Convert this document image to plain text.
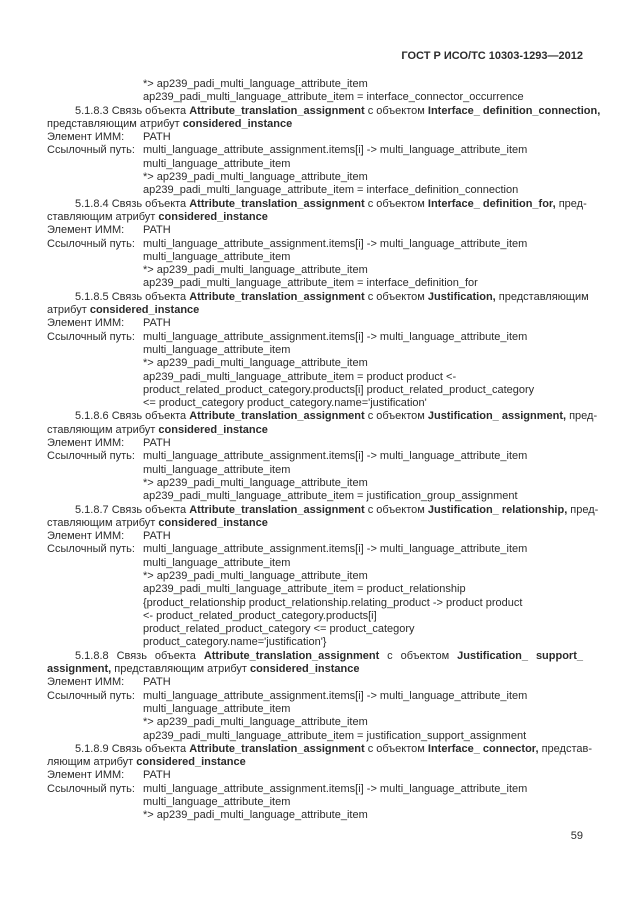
ГОСТ Р ИСО/ТС 10303-1293—2012
*> ap239_padi_multi_language_attribute_item
ap239_padi_multi_language_attribute_item = interface_connector_occurrence
5.1.8.3 Связь объекта Attribute_translation_assignment с объектом Interface_ definition_connection,
представляющим атрибут considered_instance
Элемент ИММ: PATH
Ссылочный путь: multi_language_attribute_assignment.items[i] -> multi_language_attribute_item
multi_language_attribute_item
*> ap239_padi_multi_language_attribute_item
ap239_padi_multi_language_attribute_item = interface_definition_connection
5.1.8.4 Связь объекта Attribute_translation_assignment с объектом Interface_ definition_for, пред-
ставляющим атрибут considered_instance
Элемент ИММ: PATH
Ссылочный путь: multi_language_attribute_assignment.items[i] -> multi_language_attribute_item
multi_language_attribute_item
*> ap239_padi_multi_language_attribute_item
ap239_padi_multi_language_attribute_item = interface_definition_for
5.1.8.5 Связь объекта Attribute_translation_assignment с объектом Justification, представляющим
атрибут considered_instance
Элемент ИММ: PATH
Ссылочный путь: multi_language_attribute_assignment.items[i] -> multi_language_attribute_item
multi_language_attribute_item
*> ap239_padi_multi_language_attribute_item
ap239_padi_multi_language_attribute_item = product product <-
product_related_product_category.products[i] product_related_product_category
<= product_category product_category.name='justification'
5.1.8.6 Связь объекта Attribute_translation_assignment с объектом Justification_ assignment, пред-
ставляющим атрибут considered_instance
Элемент ИММ: PATH
Ссылочный путь: multi_language_attribute_assignment.items[i] -> multi_language_attribute_item
multi_language_attribute_item
*> ap239_padi_multi_language_attribute_item
ap239_padi_multi_language_attribute_item = justification_group_assignment
5.1.8.7 Связь объекта Attribute_translation_assignment с объектом Justification_ relationship, пред-
ставляющим атрибут considered_instance
Элемент ИММ: PATH
Ссылочный путь: multi_language_attribute_assignment.items[i] -> multi_language_attribute_item
multi_language_attribute_item
*> ap239_padi_multi_language_attribute_item
ap239_padi_multi_language_attribute_item = product_relationship
{product_relationship product_relationship.relating_product -> product product
<- product_related_product_category.products[i]
product_related_product_category <= product_category
product_category.name='justification'}
5.1.8.8 Связь объекта Attribute_translation_assignment с объектом Justification_ support_
assignment, представляющим атрибут considered_instance
Элемент ИММ: PATH
Ссылочный путь: multi_language_attribute_assignment.items[i] -> multi_language_attribute_item
multi_language_attribute_item
*> ap239_padi_multi_language_attribute_item
ap239_padi_multi_language_attribute_item = justification_support_assignment
5.1.8.9 Связь объекта Attribute_translation_assignment с объектом Interface_ connector, представ-
ляющим атрибут considered_instance
Элемент ИММ: PATH
Ссылочный путь: multi_language_attribute_assignment.items[i] -> multi_language_attribute_item
multi_language_attribute_item
*> ap239_padi_multi_language_attribute_item
59
